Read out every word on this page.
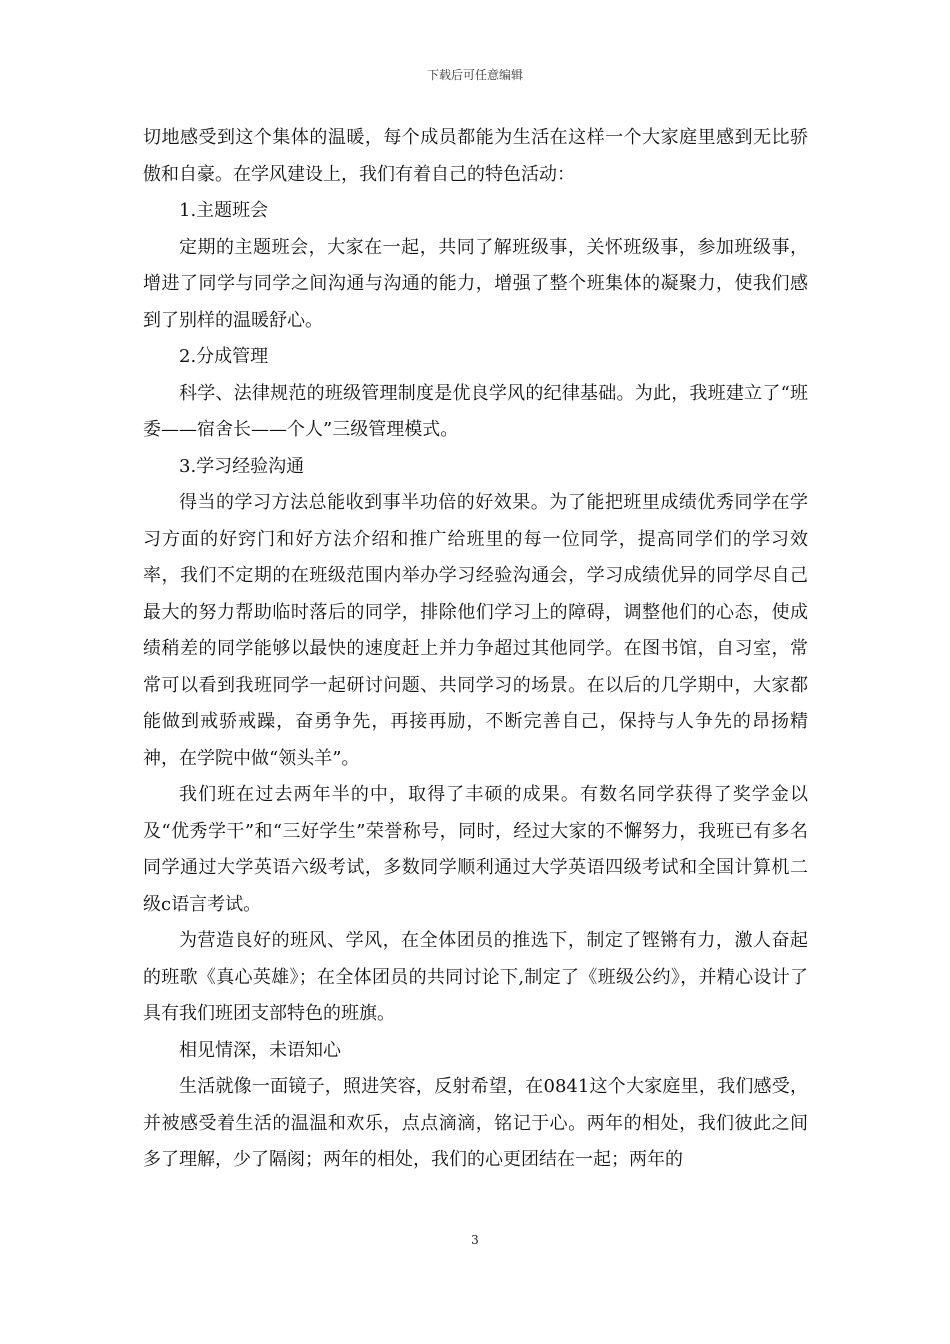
下载后可任意编辑

切地感受到这个集体的温暖，每个成员都能为生活在这样一个大家庭里感到无比骄傲和自豪。在学风建设上，我们有着自己的特色活动：

1.主题班会

定期的主题班会，大家在一起，共同了解班级事，关怀班级事，参加班级事，增进了同学与同学之间沟通与沟通的能力，增强了整个班集体的凝聚力，使我们感到了别样的温暖舒心。

2.分成管理

科学、法律规范的班级管理制度是优良学风的纪律基础。为此，我班建立了“班委——宿舍长——个人”三级管理模式。

3.学习经验沟通

得当的学习方法总能收到事半功倍的好效果。为了能把班里成绩优秀同学在学习方面的好窍门和好方法介绍和推广给班里的每一位同学，提高同学们的学习效率，我们不定期的在班级范围内举办学习经验沟通会，学习成绩优异的同学尽自己最大的努力帮助临时落后的同学，排除他们学习上的障碍，调整他们的心态，使成绩稍差的同学能够以最快的速度赶上并力争超过其他同学。在图书馆，自习室，常常可以看到我班同学一起研讨问题、共同学习的场景。在以后的几学期中，大家都能做到戒骄戒躁，奋勇争先，再接再励，不断完善自己，保持与人争先的昂扬精神，在学院中做“领头羊”。

我们班在过去两年半的中，取得了丰硕的成果。有数名同学获得了奖学金以及“优秀学干”和“三好学生”荣誉称号，同时，经过大家的不懈努力，我班已有多名同学通过大学英语六级考试，多数同学顺利通过大学英语四级考试和全国计算机二级c语言考试。

为营造良好的班风、学风，在全体团员的推选下，制定了铿锵有力，激人奋起的班歌《真心英雄》；在全体团员的共同讨论下,制定了《班级公约》，并精心设计了具有我们班团支部特色的班旗。

相见情深，未语知心

生活就像一面镜子，照进笑容，反射希望，在0841这个大家庭里，我们感受，并被感受着生活的温温和欢乐，点点滴滴，铭记于心。两年的相处，我们彼此之间多了理解，少了隔阂；两年的相处，我们的心更团结在一起；两年的

3
